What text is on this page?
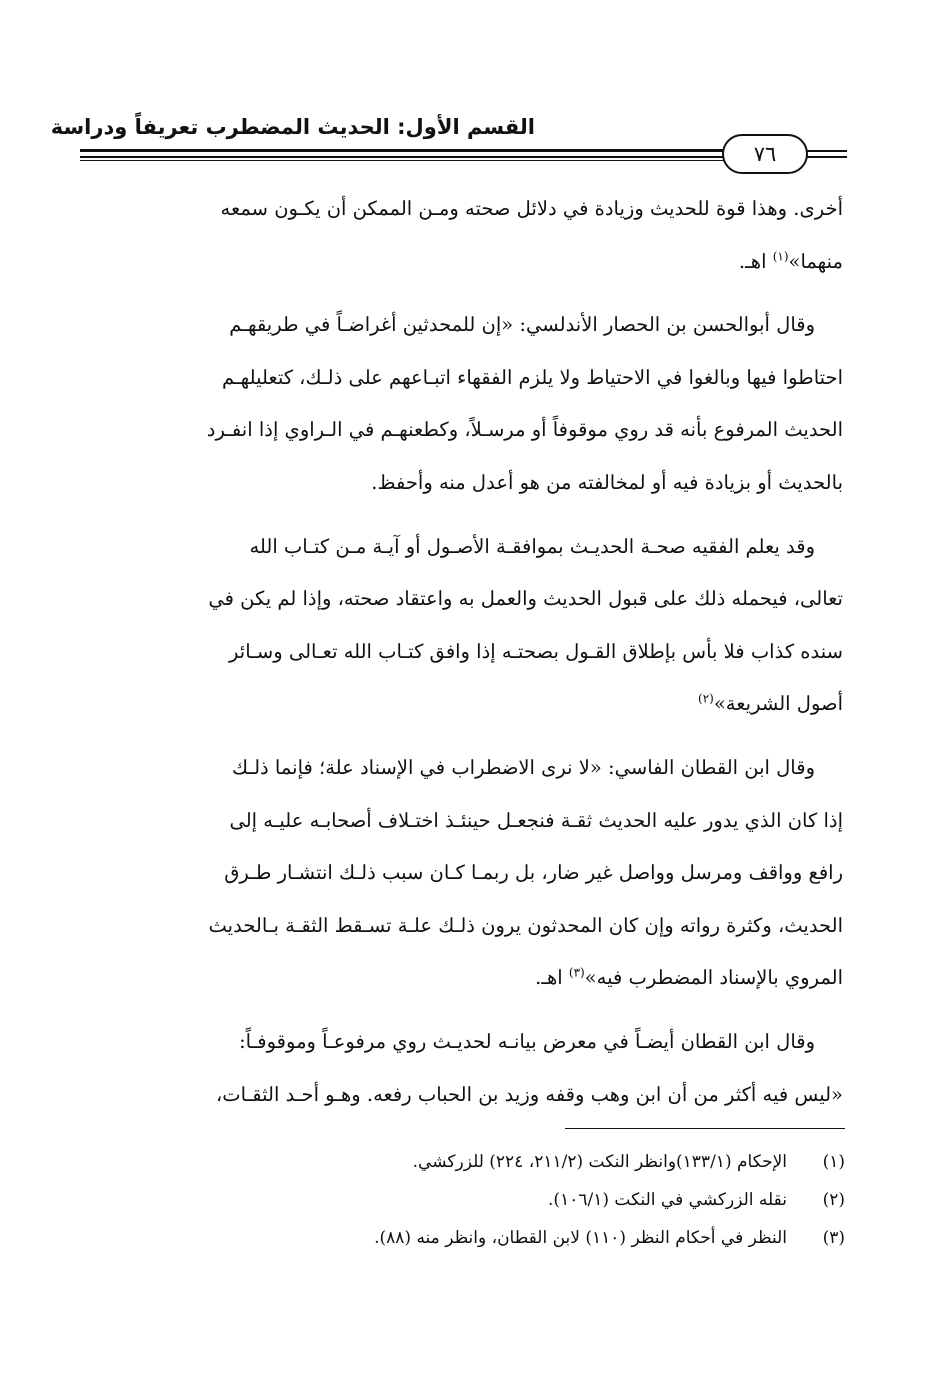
القسم الأول: الحديث المضطرب تعريفاً ودراسة
٧٦

أخرى. وهذا قوة للحديث وزيادة في دلائل صحته ومـن الممكن أن يكـون سمعه

منهما»$^{(١)}$ اهـ.

وقال أبوالحسن بن الحصار الأندلسي: «إن للمحدثين أغراضـاً في طريقهـم

احتاطوا فيها وبالغوا في الاحتياط ولا يلزم الفقهاء اتبـاعهم على ذلـك، كتعليلهـم

الحديث المرفوع بأنه قد روي موقوفاً أو مرسـلاً، وكطعنهـم في الـراوي إذا انفـرد

بالحديث أو بزيادة فيه أو لمخالفته من هو أعدل منه وأحفظ.

وقد يعلم الفقيه صحـة الحديـث بموافقـة الأصـول أو آيـة مـن كتـاب الله

تعالى، فيحمله ذلك على قبول الحديث والعمل به واعتقاد صحته، وإذا لم يكن في

سنده كذاب فلا بأس بإطلاق القـول بصحتـه إذا وافق كتـاب الله تعـالى وسـائر

أصول الشريعة»$^{(٢)}$

وقال ابن القطان الفاسي: «لا نرى الاضطراب في الإسناد علة؛ فإنما ذلـك

إذا كان الذي يدور عليه الحديث ثقـة فنجعـل حينئـذ اختـلاف أصحابـه عليـه إلى

رافع وواقف ومرسل وواصل غير ضار، بل ربمـا كـان سبب ذلـك انتشـار طـرق

الحديث، وكثرة رواته وإن كان المحدثون يرون ذلـك علـة تسـقط الثقـة بـالحديث

المروي بالإسناد المضطرب فيه»$^{(٣)}$ اهـ.

وقال ابن القطان أيضـاً في معرض بيانـه لحديـث روي مرفوعـاً وموقوفـاً:

«ليس فيه أكثر من أن ابن وهب وقفه وزيد بن الحباب رفعه. وهـو أحـد الثقـات،

(١)
الإحكام (١٣٣/١)وانظر النكت (٢١١/٢، ٢٢٤) للزركشي.
(٢)
نقله الزركشي في النكت (١٠٦/١).
(٣)
النظر في أحكام النظر (١١٠) لابن القطان، وانظر منه (٨٨).
